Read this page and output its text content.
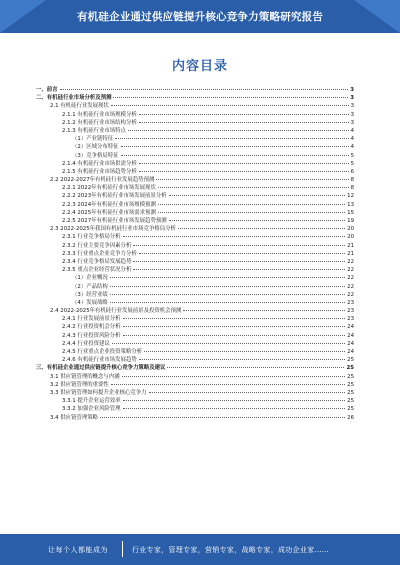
有机硅企业通过供应链提升核心竞争力策略研究报告
内容目录
一、前言	3
二、有机硅行业市场分析及预测	3
2.1 有机硅行业发展现状	3
2.1.1 有机硅行业市场规模分析	3
2.1.2 有机硅行业市场结构分析	3
2.1.3 有机硅行业市场特点	4
（1）产业链特征	4
（2）区域分布特征	4
（3）竞争格局特征	5
2.1.4 有机硅行业市场供需分析	5
2.1.5 有机硅行业市场趋势分析	6
2.2 2022-2027年有机硅行业发展趋势预测	8
2.2.1 2022年有机硅行业市场发展现状	8
2.2.2 2023年有机硅行业市场发展前景分析	12
2.2.3 2024年有机硅行业市场规模预测	13
2.2.4 2025年有机硅行业市场需求预测	15
2.2.5 2027年有机硅行业市场发展趋势预测	19
2.3 2022-2025年我国有机硅行业市场竞争格局分析	20
2.3.1 行业竞争格局分析	20
2.3.2 行业主要竞争因素分析	21
2.3.3 行业重点企业竞争力分析	21
2.3.4 行业竞争格局发展趋势	22
2.3.5 重点企业经营状况分析	22
（1）企业概况	22
（2）产品结构	22
（3）经营业绩	22
（4）发展战略	23
2.4 2022-2025年有机硅行业发展前景及投资机会预测	23
2.4.1 行业发展前景分析	23
2.4.2 行业投资机会分析	24
2.4.3 行业投资风险分析	24
2.4.4 行业投资建议	24
2.4.5 行业重点企业投资策略分析	24
2.4.6 有机硅行业市场发展趋势	25
三、有机硅企业通过供应链提升核心竞争力策略及建议	25
3.1 供应链管理的概念与内涵	25
3.2 供应链管理的重要性	25
3.3 供应链管理如何提升企业核心竞争力	25
3.3.1 提升企业运营效率	25
3.3.2 加强企业风险管理	25
3.4 供应链管理策略	26
让每个人都能成为	行业专家，管理专家，营销专家，战略专家，成功企业家……
